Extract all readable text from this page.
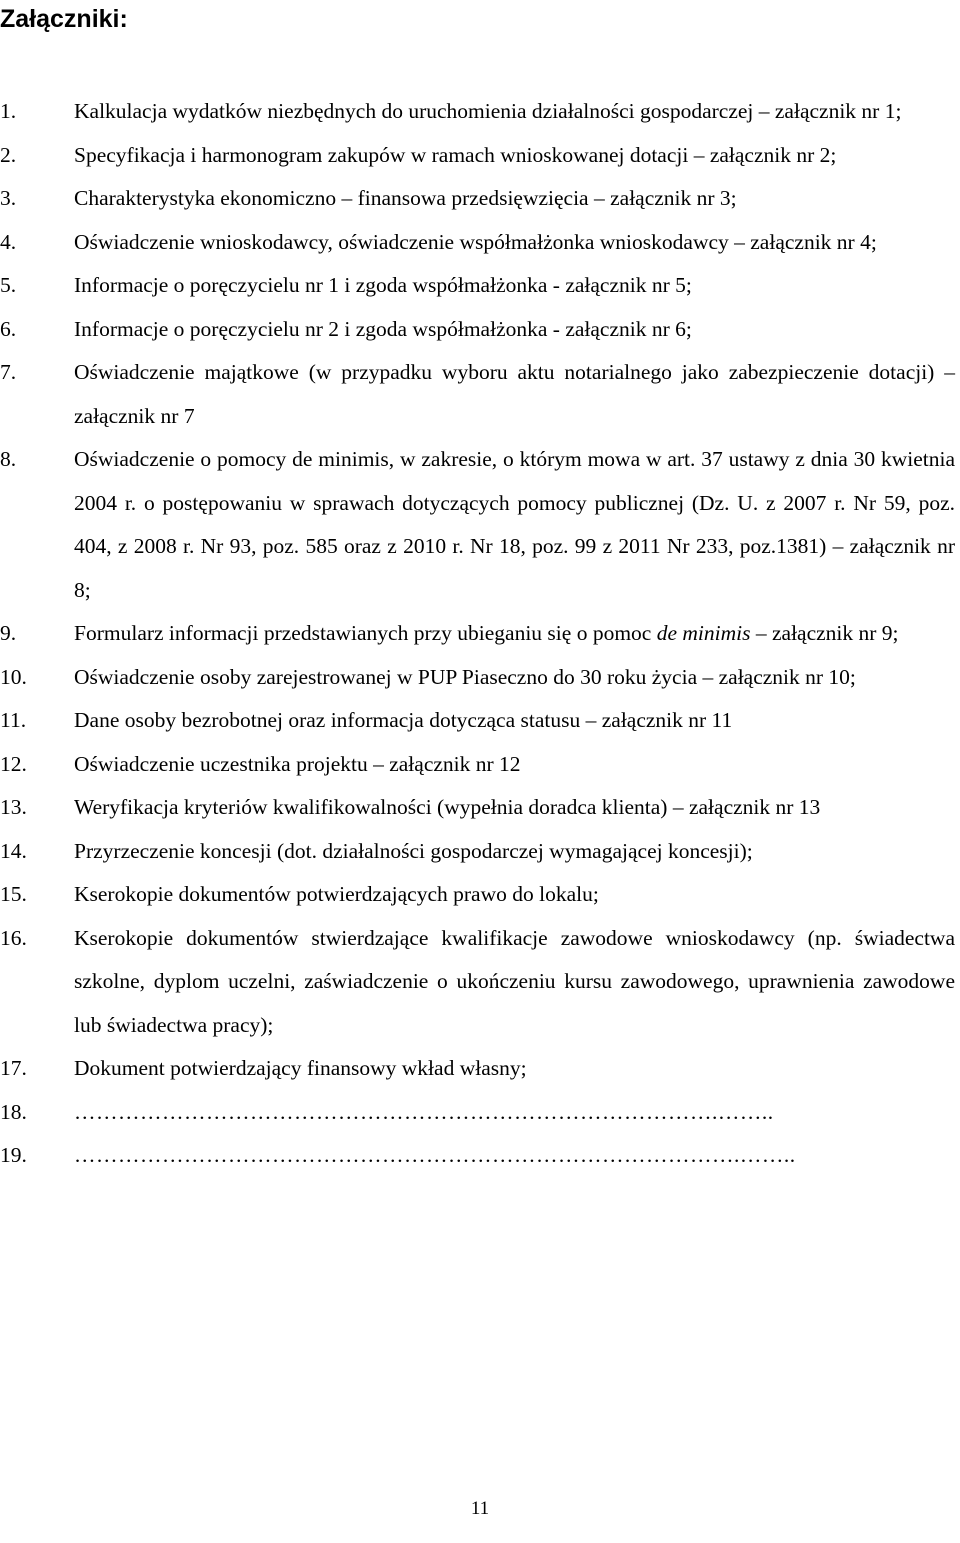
Załączniki:
1.	Kalkulacja wydatków niezbędnych do uruchomienia działalności gospodarczej – załącznik nr 1;
2.	Specyfikacja i harmonogram zakupów w ramach wnioskowanej dotacji – załącznik nr 2;
3.	Charakterystyka ekonomiczno – finansowa przedsięwzięcia – załącznik nr 3;
4.	Oświadczenie wnioskodawcy, oświadczenie współmałżonka wnioskodawcy – załącznik nr 4;
5.	Informacje o poręczycielu nr 1 i zgoda współmałżonka - załącznik nr 5;
6.	Informacje o poręczycielu nr 2 i zgoda współmałżonka - załącznik nr 6;
7.	Oświadczenie majątkowe (w przypadku wyboru aktu notarialnego jako zabezpieczenie dotacji) – załącznik nr 7
8.	Oświadczenie o pomocy de minimis, w zakresie, o którym mowa w art. 37 ustawy z dnia 30 kwietnia 2004 r. o postępowaniu w sprawach dotyczących pomocy publicznej (Dz. U. z 2007 r. Nr 59, poz. 404, z 2008 r. Nr 93, poz. 585 oraz z 2010 r. Nr 18, poz. 99 z 2011 Nr 233, poz.1381) – załącznik nr 8;
9.	Formularz informacji przedstawianych przy ubieganiu się o pomoc de minimis – załącznik nr 9;
10.	Oświadczenie osoby zarejestrowanej w PUP Piaseczno do 30 roku życia – załącznik nr 10;
11.	Dane osoby bezrobotnej oraz informacja dotycząca statusu – załącznik nr 11
12.	Oświadczenie uczestnika projektu – załącznik nr 12
13.	Weryfikacja kryteriów kwalifikowalności (wypełnia doradca klienta) – załącznik nr 13
14.	Przyrzeczenie koncesji (dot. działalności gospodarczej wymagającej koncesji);
15.	Kserokopie dokumentów potwierdzających prawo do lokalu;
16.	Kserokopie dokumentów stwierdzające kwalifikacje zawodowe wnioskodawcy (np. świadectwa szkolne, dyplom uczelni, zaświadczenie o ukończeniu kursu zawodowego, uprawnienia zawodowe lub świadectwa pracy);
17.	Dokument potwierdzający finansowy wkład własny;
18.	…………………………………………………………………………….……..
19.	……………………………………………………………………………….……..
11
